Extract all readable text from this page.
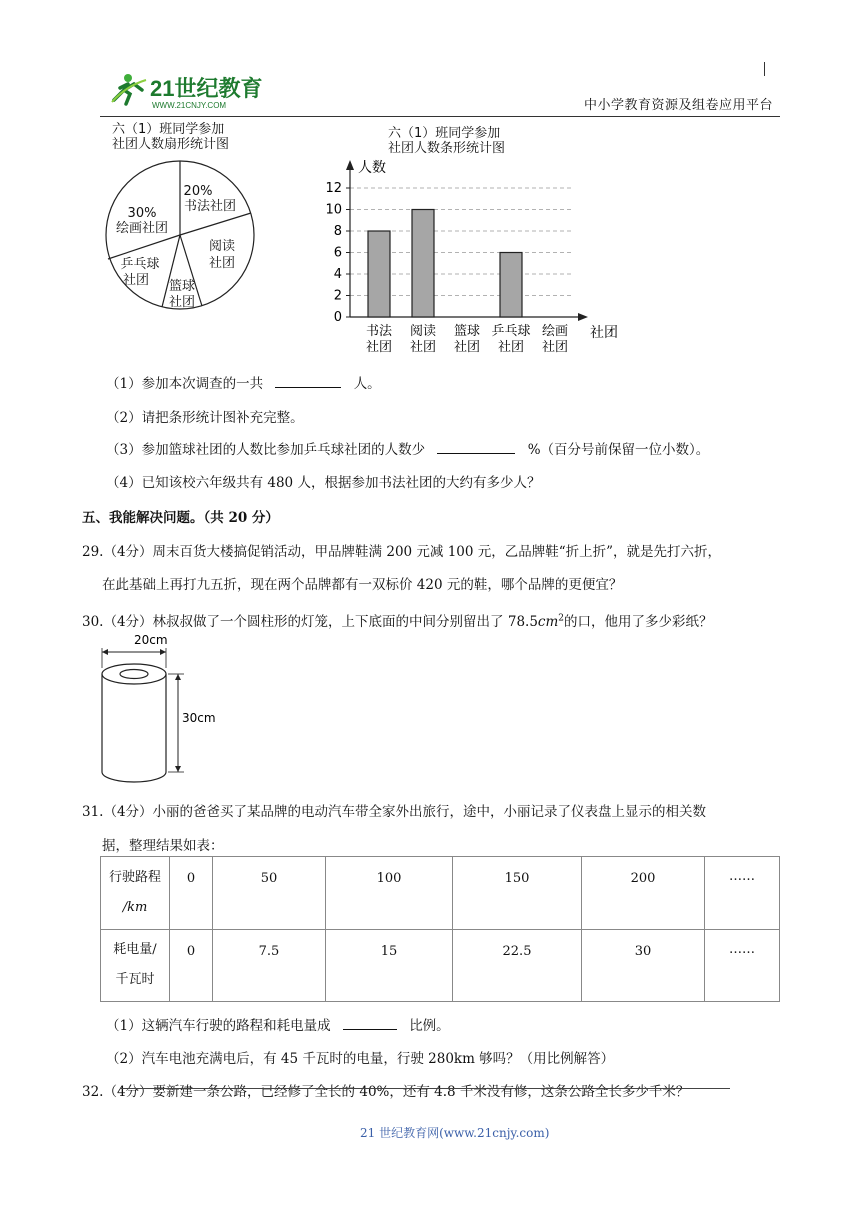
21世纪教育
WWW.21CNJY.COM	中小学教育资源及组卷应用平台
六（1）班同学参加
社团人数扇形统计图
20%
书法社团
阅读
社团
篮球
社团
乒乓球
社团
30%
绘画社团
六（1）班同学参加
社团人数条形统计图
0
2
4
6
8
10
12
人数
社团
书法
社团
阅读
社团
篮球
社团
乒乓球
社团
绘画
社团
（1）参加本次调查的一共	人。
（2）请把条形统计图补充完整。
（3）参加篮球社团的人数比参加乒乓球社团的人数少	%（百分号前保留一位小数）。
（4）已知该校六年级共有 480 人，根据参加书法社团的大约有多少人？
五、我能解决问题。（共 20 分）
29.（4分）周末百货大楼搞促销活动，甲品牌鞋满 200 元减 100 元，乙品牌鞋“折上折”，就是先打六折，
在此基础上再打九五折，现在两个品牌都有一双标价 420 元的鞋，哪个品牌的更便宜？
30.（4分）林叔叔做了一个圆柱形的灯笼，上下底面的中间分别留出了 $78.5cm^2$的口，他用了多少彩纸？
20cm
30cm
31.（4分）小丽的爸爸买了某品牌的电动汽车带全家外出旅行，途中，小丽记录了仪表盘上显示的相关数
据，整理结果如表：
行驶路程
/km	0	50	100	150	200	……

耗电量/
千瓦时	0	7.5	15	22.5	30	……
（1）这辆汽车行驶的路程和耗电量成	比例。
（2）汽车电池充满电后，有 45 千瓦时的电量，行驶 280km 够吗？（用比例解答）
32.（4分）要新建一条公路，已经修了全长的 40%，还有 4.8 千米没有修，这条公路全长多少千米？
21 世纪教育网(www.21cnjy.com)
